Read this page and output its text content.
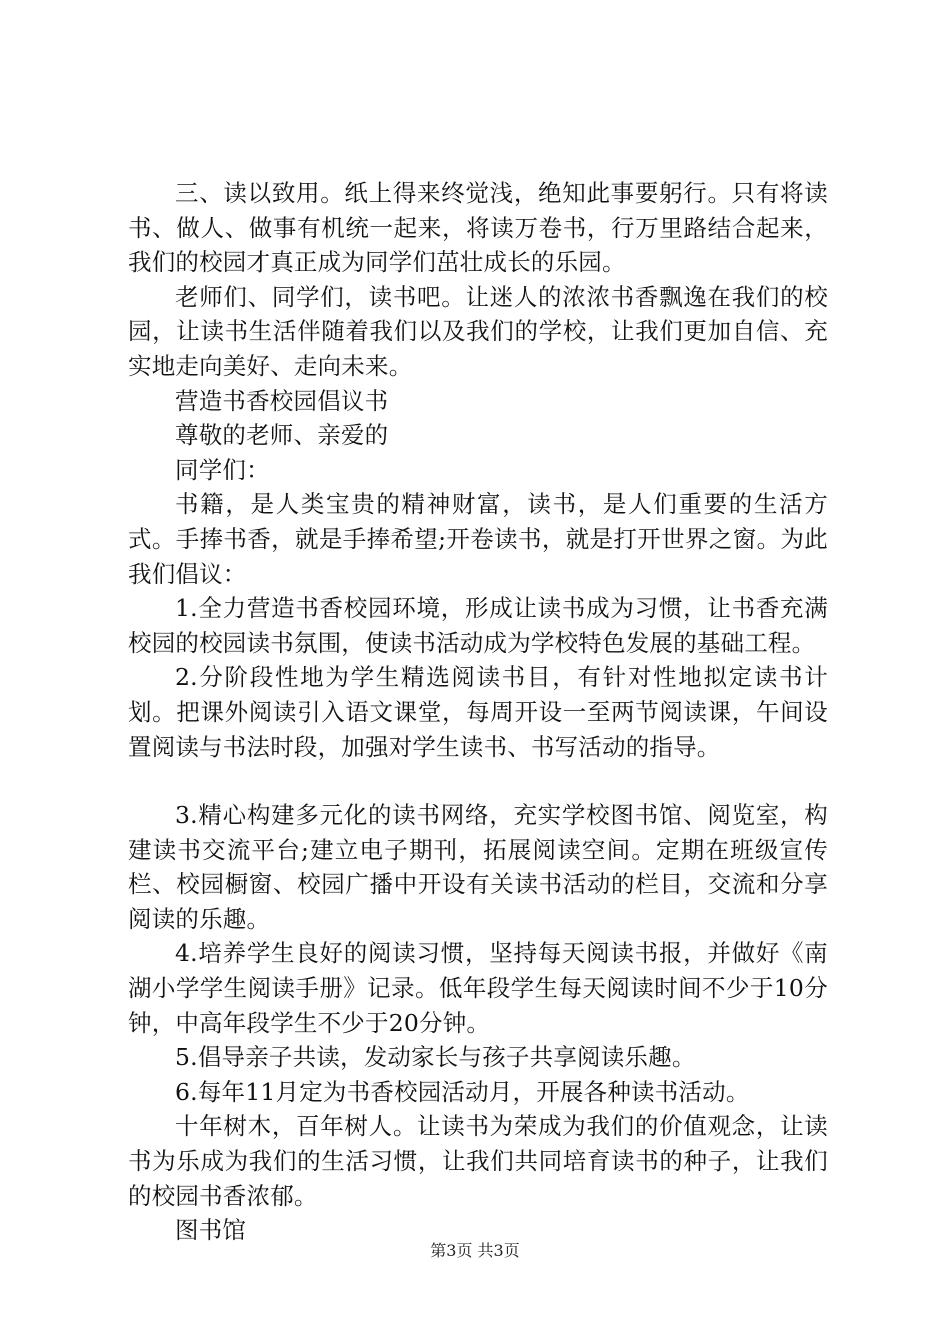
三、读以致用。纸上得来终觉浅，绝知此事要躬行。只有将读书、做人、做事有机统一起来，将读万卷书，行万里路结合起来，我们的校园才真正成为同学们茁壮成长的乐园。

老师们、同学们，读书吧。让迷人的浓浓书香飘逸在我们的校园，让读书生活伴随着我们以及我们的学校，让我们更加自信、充实地走向美好、走向未来。

营造书香校园倡议书

尊敬的老师、亲爱的

同学们：

书籍，是人类宝贵的精神财富，读书，是人们重要的生活方式。手捧书香，就是手捧希望;开卷读书，就是打开世界之窗。为此我们倡议：

1.全力营造书香校园环境，形成让读书成为习惯，让书香充满校园的校园读书氛围，使读书活动成为学校特色发展的基础工程。

2.分阶段性地为学生精选阅读书目，有针对性地拟定读书计划。把课外阅读引入语文课堂，每周开设一至两节阅读课，午间设置阅读与书法时段，加强对学生读书、书写活动的指导。

3.精心构建多元化的读书网络，充实学校图书馆、阅览室，构建读书交流平台;建立电子期刊，拓展阅读空间。定期在班级宣传栏、校园橱窗、校园广播中开设有关读书活动的栏目，交流和分享阅读的乐趣。

4.培养学生良好的阅读习惯，坚持每天阅读书报，并做好《南湖小学学生阅读手册》记录。低年段学生每天阅读时间不少于10分钟，中高年段学生不少于20分钟。

5.倡导亲子共读，发动家长与孩子共享阅读乐趣。

6.每年11月定为书香校园活动月，开展各种读书活动。

十年树木，百年树人。让读书为荣成为我们的价值观念，让读书为乐成为我们的生活习惯，让我们共同培育读书的种子，让我们的校园书香浓郁。

图书馆

第3页 共3页
